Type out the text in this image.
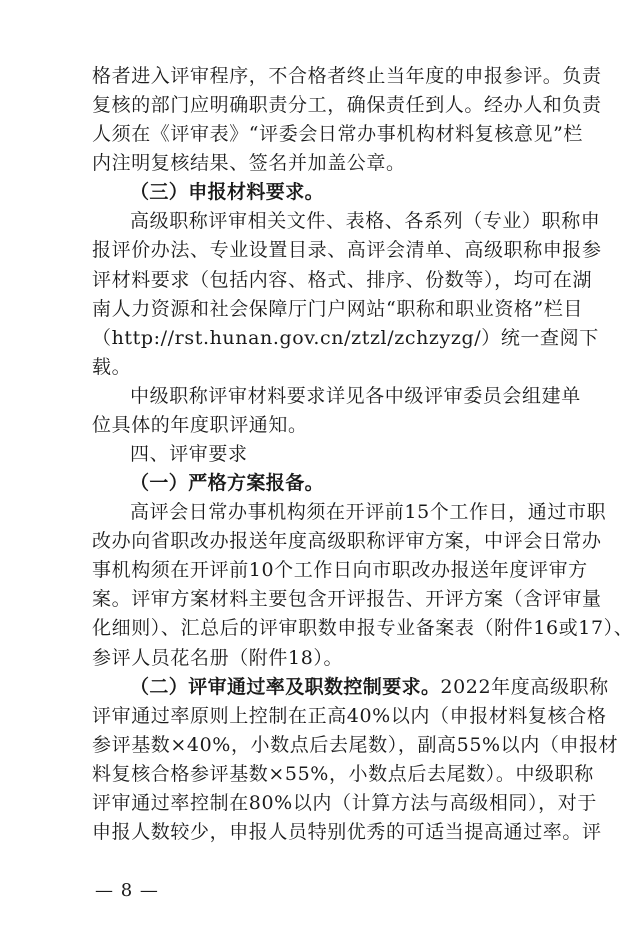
格者进入评审程序，不合格者终止当年度的申报参评。负责
复核的部门应明确职责分工，确保责任到人。经办人和负责
人须在《评审表》“评委会日常办事机构材料复核意见”栏
内注明复核结果、签名并加盖公章。
（三）申报材料要求。
高级职称评审相关文件、表格、各系列（专业）职称申
报评价办法、专业设置目录、高评会清单、高级职称申报参
评材料要求（包括内容、格式、排序、份数等），均可在湖
南人力资源和社会保障厅门户网站“职称和职业资格”栏目
（http://rst.hunan.gov.cn/ztzl/zchzyzg/）统一查阅下
载。
中级职称评审材料要求详见各中级评审委员会组建单
位具体的年度职评通知。
四、评审要求
（一）严格方案报备。
高评会日常办事机构须在开评前15个工作日，通过市职
改办向省职改办报送年度高级职称评审方案，中评会日常办
事机构须在开评前10个工作日向市职改办报送年度评审方
案。评审方案材料主要包含开评报告、开评方案（含评审量
化细则）、汇总后的评审职数申报专业备案表（附件16或17）、
参评人员花名册（附件18）。
（二）评审通过率及职数控制要求。2022年度高级职称
评审通过率原则上控制在正高40%以内（申报材料复核合格
参评基数×40%，小数点后去尾数），副高55%以内（申报材
料复核合格参评基数×55%，小数点后去尾数）。中级职称
评审通过率控制在80%以内（计算方法与高级相同），对于
申报人数较少，申报人员特别优秀的可适当提高通过率。评
— 8 —
